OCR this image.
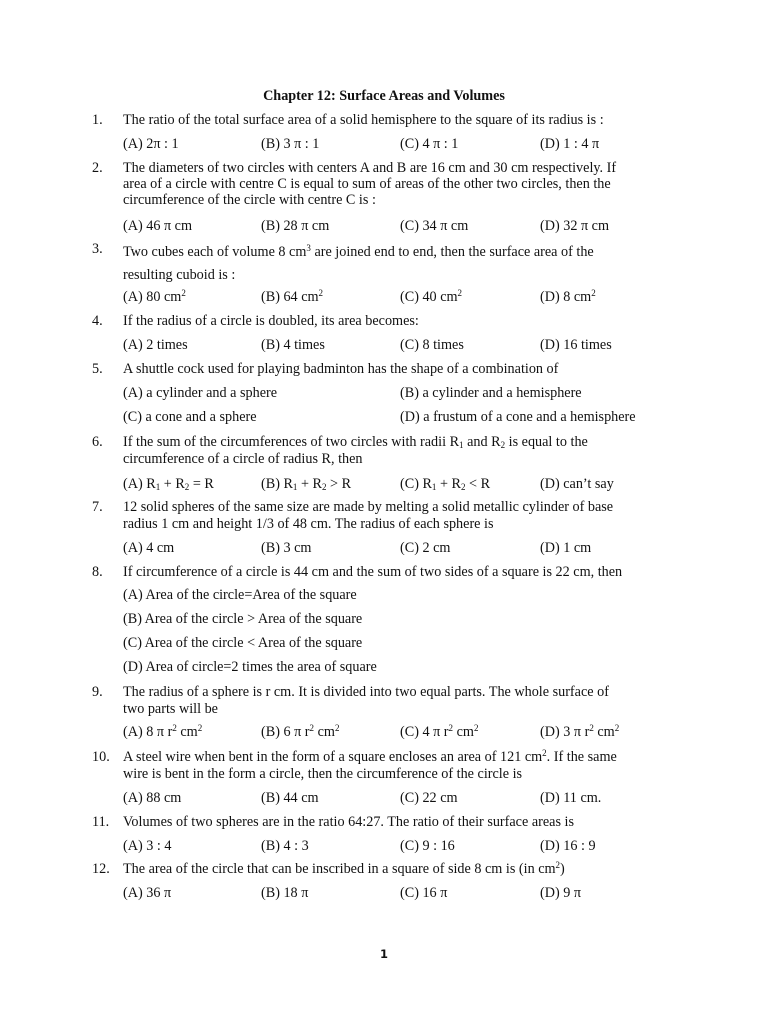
Chapter 12: Surface Areas and Volumes
1. The ratio of the total surface area of a solid hemisphere to the square of its radius is :
(A) 2π : 1	(B) 3 π : 1	(C) 4 π : 1	(D) 1 : 4 π
2. The diameters of two circles with centers A and B are 16 cm and 30 cm respectively. If
area of a circle with centre C is equal to sum of areas of the other two circles, then the
circumference of the circle with centre C is :
(A) 46 π cm	(B) 28 π cm	(C) 34 π cm	(D) 32 π cm
3. Two cubes each of volume 8 $cm^3$ are joined end to end, then the surface area of the
resulting cuboid is :
(A) 80 $cm^2$	(B) 64 $cm^2$	(C) 40 $cm^2$	(D) 8 $cm^2$
4. If the radius of a circle is doubled, its area becomes:
(A) 2 times	(B) 4 times	(C) 8 times	(D) 16 times
5. A shuttle cock used for playing badminton has the shape of a combination of
(A) a cylinder and a sphere	(B) a cylinder and a hemisphere
(C) a cone and a sphere	(D) a frustum of a cone and a hemisphere
6. If the sum of the circumferences of two circles with radii $R_1$ and $R_2$ is equal to the
circumference of a circle of radius R, then
(A) $R_1 + R_2 = R$	(B) $R_1 + R_2 > R$	(C) $R_1 + R_2 < R$	(D) can’t say
7. 12 solid spheres of the same size are made by melting a solid metallic cylinder of base
radius 1 cm and height 1/3 of 48 cm. The radius of each sphere is
(A) 4 cm	(B) 3 cm	(C) 2 cm	(D) 1 cm
8. If circumference of a circle is 44 cm and the sum of two sides of a square is 22 cm, then
(A) Area of the circle=Area of the square
(B) Area of the circle > Area of the square
(C) Area of the circle < Area of the square
(D) Area of circle=2 times the area of square
9. The radius of a sphere is r cm. It is divided into two equal parts. The whole surface of
two parts will be
(A) 8 π $r^2$ $cm^2$	(B) 6 π $r^2$ $cm^2$	(C) 4 π $r^2$ $cm^2$	(D) 3 π $r^2$ $cm^2$
10. A steel wire when bent in the form of a square encloses an area of 121 $cm^2$. If the same
wire is bent in the form a circle, then the circumference of the circle is
(A) 88 cm	(B) 44 cm	(C) 22 cm	(D) 11 cm.
11. Volumes of two spheres are in the ratio 64:27. The ratio of their surface areas is
(A) 3 : 4	(B) 4 : 3	(C) 9 : 16	(D) 16 : 9
12. The area of the circle that can be inscribed in a square of side 8 cm is (in $cm^2$)
(A) 36 π	(B) 18 π	(C) 16 π	(D) 9 π
1
